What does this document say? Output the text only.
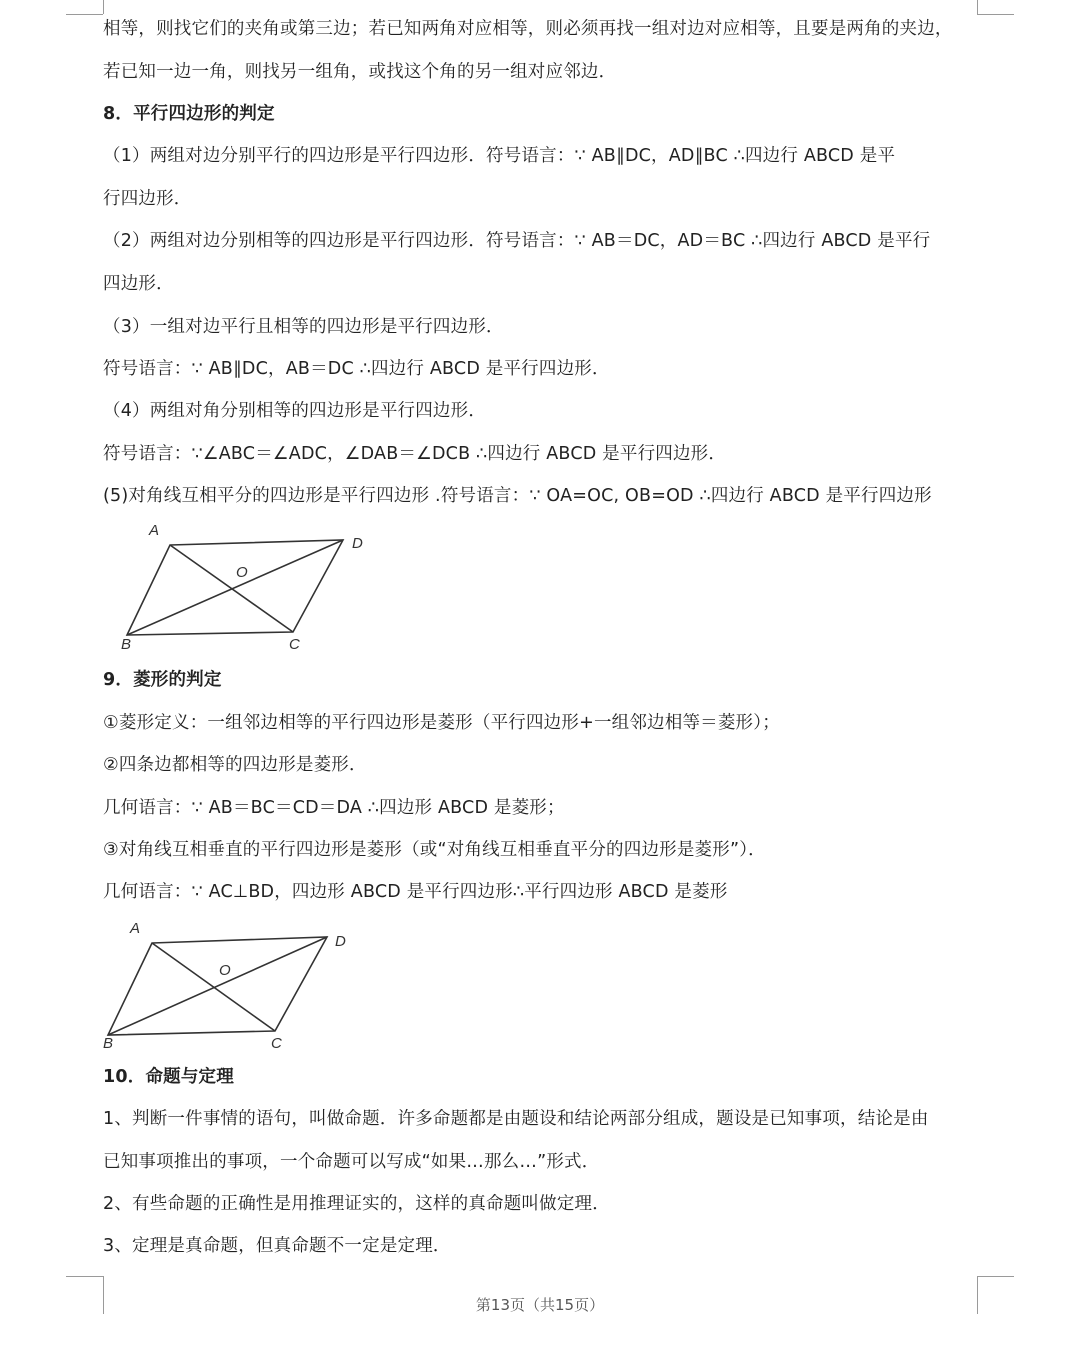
相等，则找它们的夹角或第三边；若已知两角对应相等，则必须再找一组对边对应相等，且要是两角的夹边，
若已知一边一角，则找另一组角，或找这个角的另一组对应邻边．
8．平行四边形的判定
（1）两组对边分别平行的四边形是平行四边形．符号语言：∵ AB∥DC，AD∥BC ∴四边行 ABCD 是平
行四边形．
（2）两组对边分别相等的四边形是平行四边形．符号语言：∵ AB＝DC，AD＝BC ∴四边行 ABCD 是平行
四边形．
（3）一组对边平行且相等的四边形是平行四边形．
符号语言：∵ AB∥DC，AB＝DC ∴四边行 ABCD 是平行四边形．
（4）两组对角分别相等的四边形是平行四边形．
符号语言：∵∠ABC＝∠ADC，∠DAB＝∠DCB ∴四边行 ABCD 是平行四边形．
(5)对角线互相平分的四边形是平行四边形 .符号语言：∵ OA=OC, OB=OD ∴四边行 ABCD 是平行四边形
A
D
O
B	C
9．菱形的判定
①菱形定义：一组邻边相等的平行四边形是菱形（平行四边形+一组邻边相等＝菱形）；
②四条边都相等的四边形是菱形．
几何语言：∵ AB＝BC＝CD＝DA ∴四边形 ABCD 是菱形；
③对角线互相垂直的平行四边形是菱形（或“对角线互相垂直平分的四边形是菱形”）．
几何语言：∵ AC⊥BD，四边形 ABCD 是平行四边形∴平行四边形 ABCD 是菱形
A
D
O
B	C
10．命题与定理
1、判断一件事情的语句，叫做命题．许多命题都是由题设和结论两部分组成，题设是已知事项，结论是由
已知事项推出的事项，一个命题可以写成“如果…那么…”形式．
2、有些命题的正确性是用推理证实的，这样的真命题叫做定理．
3、定理是真命题，但真命题不一定是定理．
第13页（共15页）
